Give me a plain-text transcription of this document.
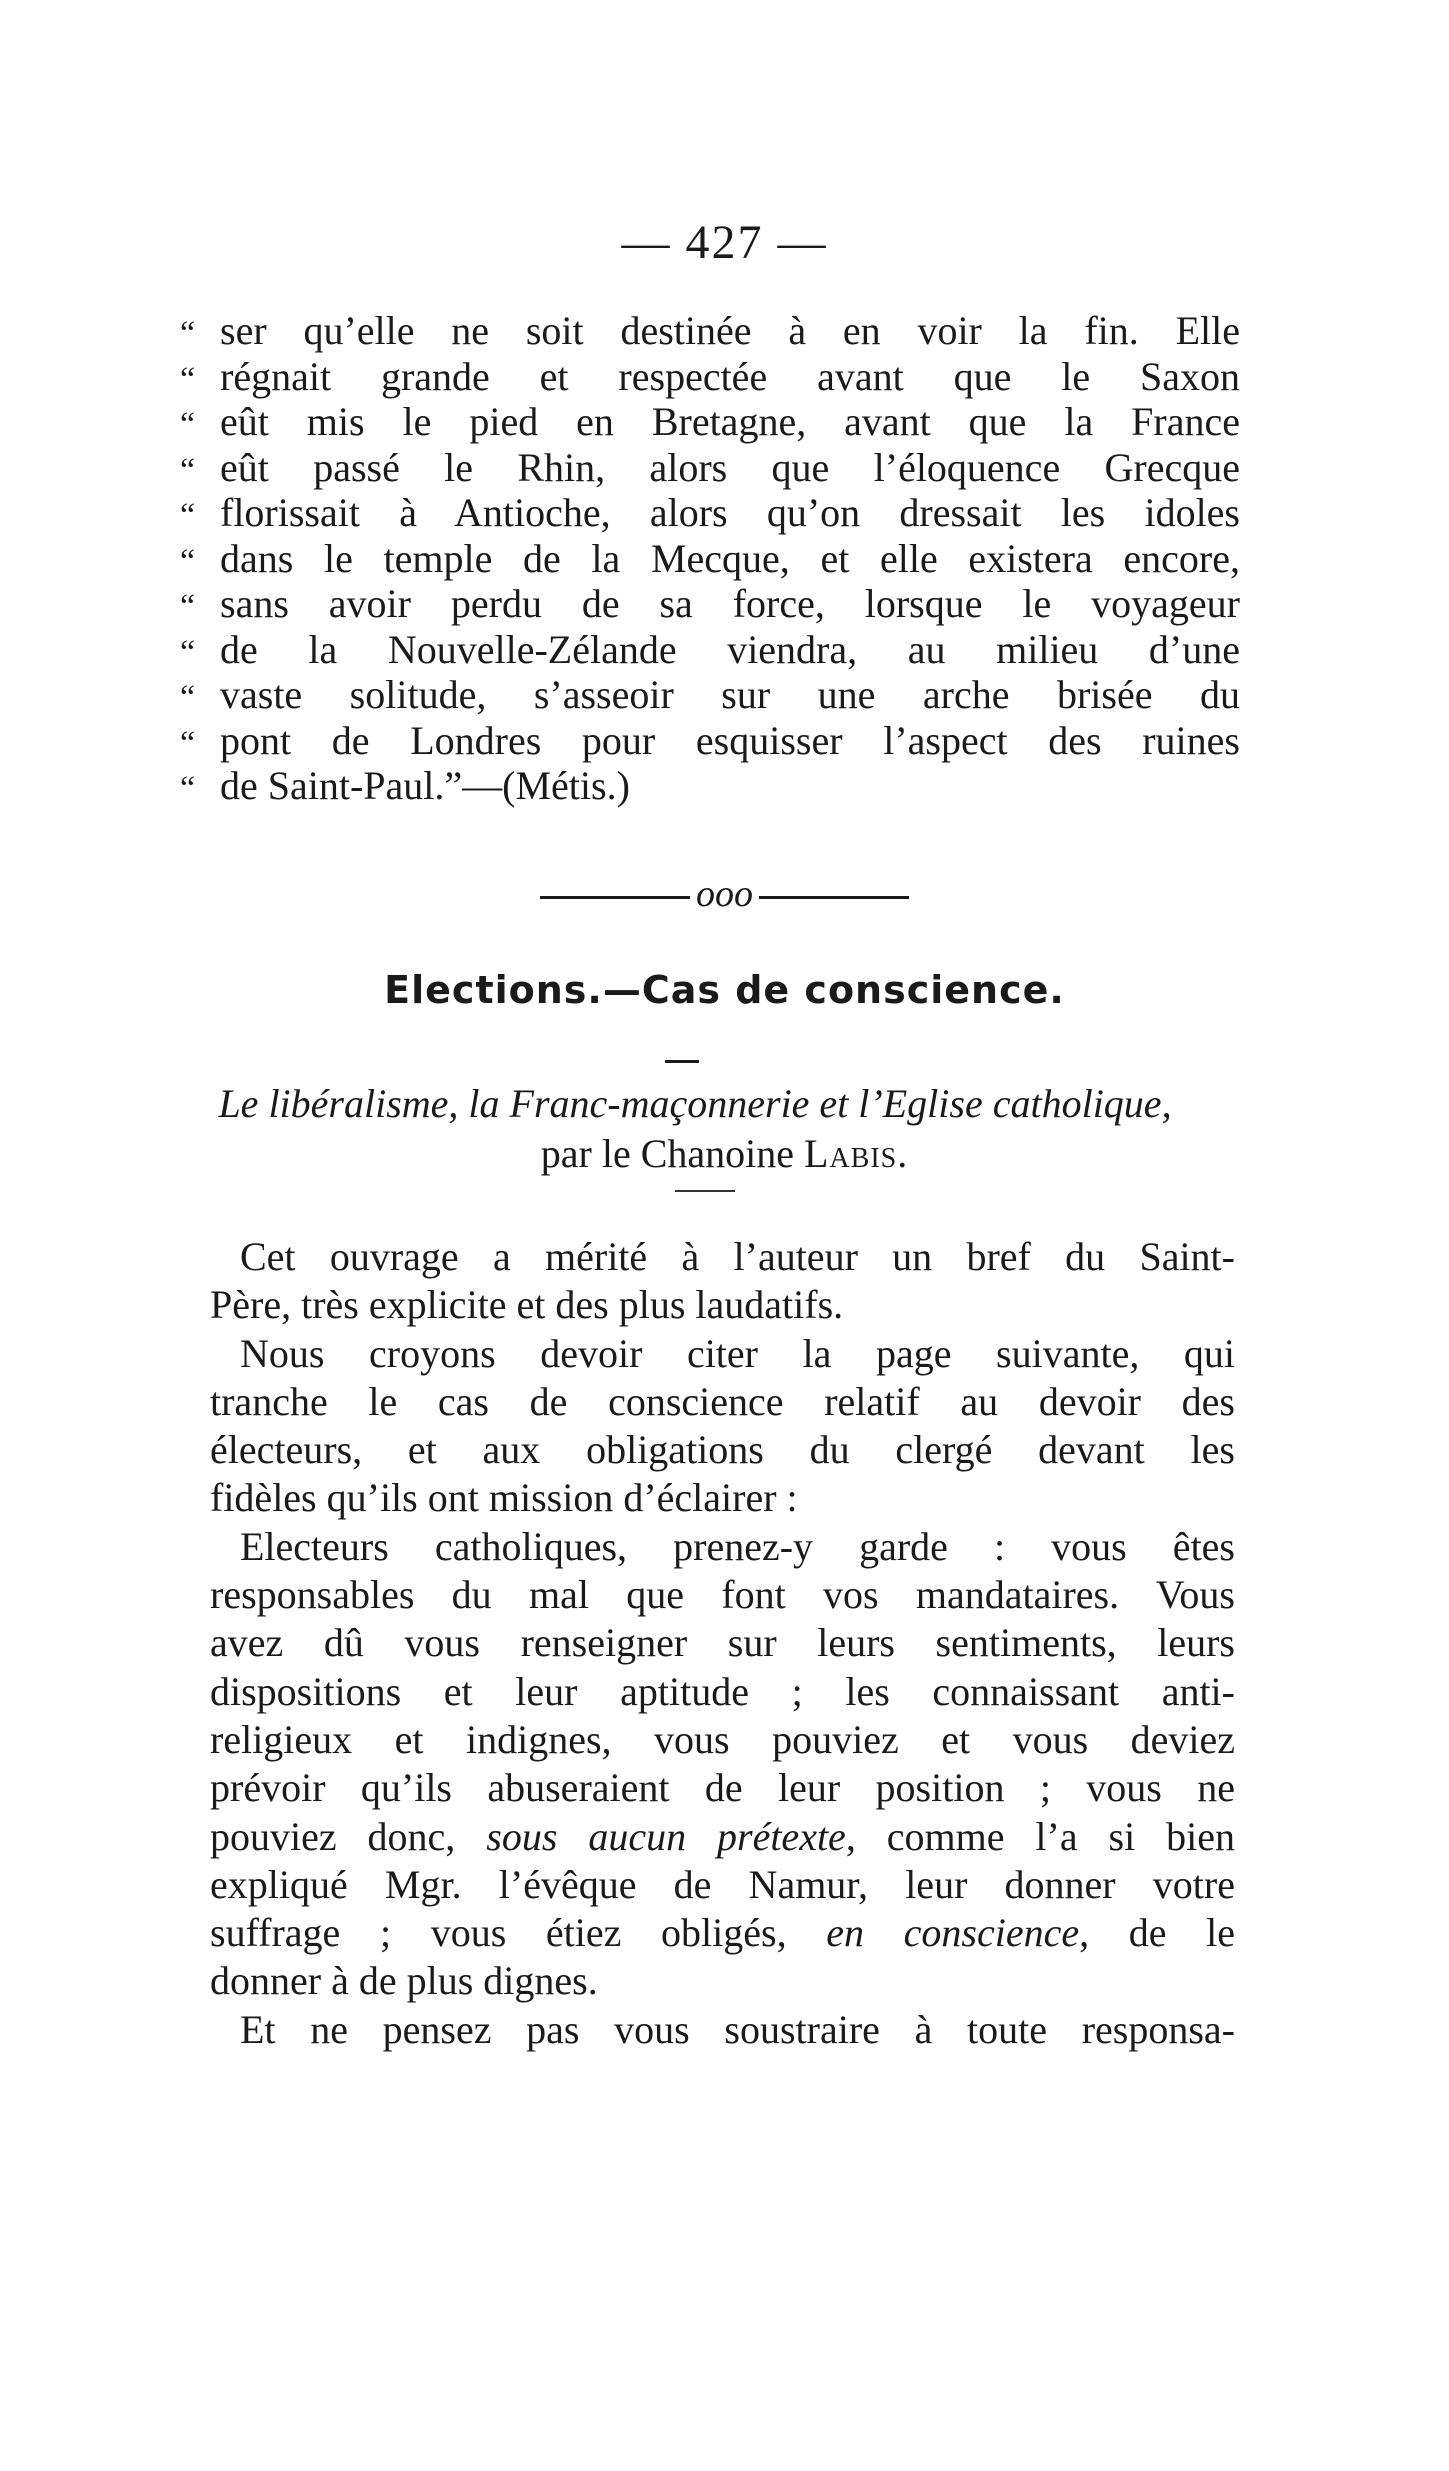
— 427 —
“ ser qu’elle ne soit destinée à en voir la fin. Elle
“ régnait grande et respectée avant que le Saxon
“ eût mis le pied en Bretagne, avant que la France
“ eût passé le Rhin, alors que l’éloquence Grecque
“ florissait à Antioche, alors qu’on dressait les idoles
“ dans le temple de la Mecque, et elle existera encore,
“ sans avoir perdu de sa force, lorsque le voyageur
“ de la Nouvelle-Zélande viendra, au milieu d’une
“ vaste solitude, s’asseoir sur une arche brisée du
“ pont de Londres pour esquisser l’aspect des ruines
“ de Saint-Paul.”—(Métis.)
ooo
Elections.—Cas de conscience.
Le libéralisme, la Franc-maçonnerie et l’Eglise catholique,
par le Chanoine Labis.
Cet ouvrage a mérité à l’auteur un bref du Saint-
Père, très explicite et des plus laudatifs.
Nous croyons devoir citer la page suivante, qui
tranche le cas de conscience relatif au devoir des
électeurs, et aux obligations du clergé devant les
fidèles qu’ils ont mission d’éclairer :
Electeurs catholiques, prenez-y garde : vous êtes
responsables du mal que font vos mandataires. Vous
avez dû vous renseigner sur leurs sentiments, leurs
dispositions et leur aptitude ; les connaissant anti-
religieux et indignes, vous pouviez et vous deviez
prévoir qu’ils abuseraient de leur position ; vous ne
pouviez donc, sous aucun prétexte, comme l’a si bien
expliqué Mgr. l’évêque de Namur, leur donner votre
suffrage ; vous étiez obligés, en conscience, de le
donner à de plus dignes.
Et ne pensez pas vous soustraire à toute responsa-
